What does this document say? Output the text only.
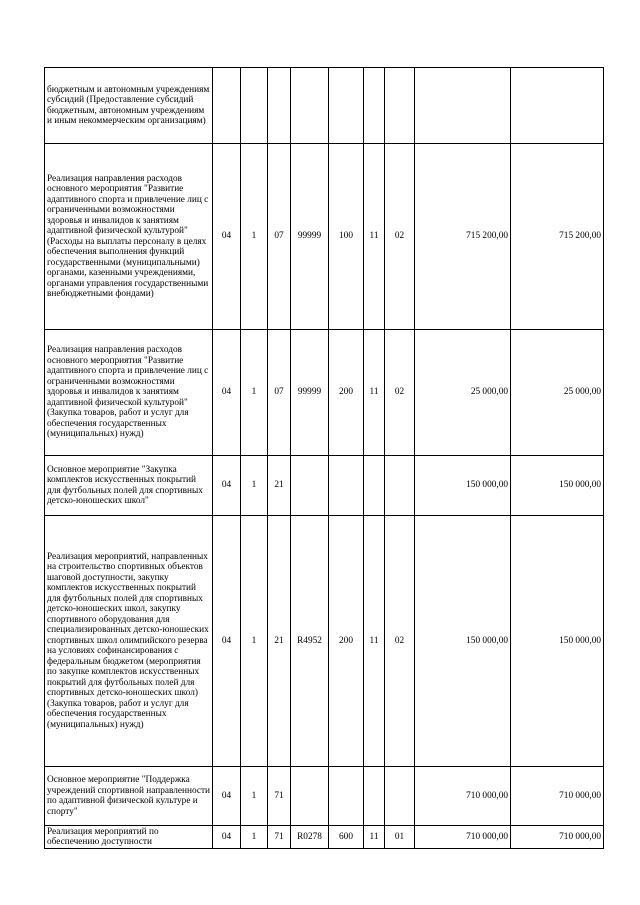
бюджетным и автономным учреждениям субсидий (Предоставление субсидий бюджетным, автономным учреждениям и иным некоммерческим организациям)									
Реализация направления расходов основного мероприятия "Развитие адаптивного спорта и привлечение лиц с ограниченными возможностями здоровья и инвалидов к занятиям адаптивной физической культурой" (Расходы на выплаты персоналу в целях обеспечения выполнения функций государственными (муниципальными) органами, казенными учреждениями, органами управления государственными внебюджетными фондами)	04	1	07	99999	100	11	02	715 200,00	715 200,00
Реализация направления расходов основного мероприятия "Развитие адаптивного спорта и привлечение лиц с ограниченными возможностями здоровья и инвалидов к занятиям адаптивной физической культурой" (Закупка товаров, работ и услуг для обеспечения государственных (муниципальных) нужд)	04	1	07	99999	200	11	02	25 000,00	25 000,00
Основное мероприятие "Закупка комплектов искусственных покрытий для футбольных полей для спортивных детско-юношеских школ"	04	1	21					150 000,00	150 000,00
Реализация мероприятий, направленных на строительство спортивных объектов шаговой доступности, закупку комплектов искусственных покрытий для футбольных полей для спортивных детско-юношеских школ, закупку спортивного оборудования для специализированных детско-юношеских спортивных школ олимпийского резерва на условиях софинансирования с федеральным бюджетом (мероприятия по закупке комплектов искусственных покрытий для футбольных полей для спортивных детско-юношеских школ) (Закупка товаров, работ и услуг для обеспечения государственных (муниципальных) нужд)	04	1	21	R4952	200	11	02	150 000,00	150 000,00
Основное мероприятие "Поддержка учреждений спортивной направленности по адаптивной физической культуре и спорту"	04	1	71					710 000,00	710 000,00
Реализация мероприятий по обеспечению доступности	04	1	71	R0278	600	11	01	710 000,00	710 000,00
